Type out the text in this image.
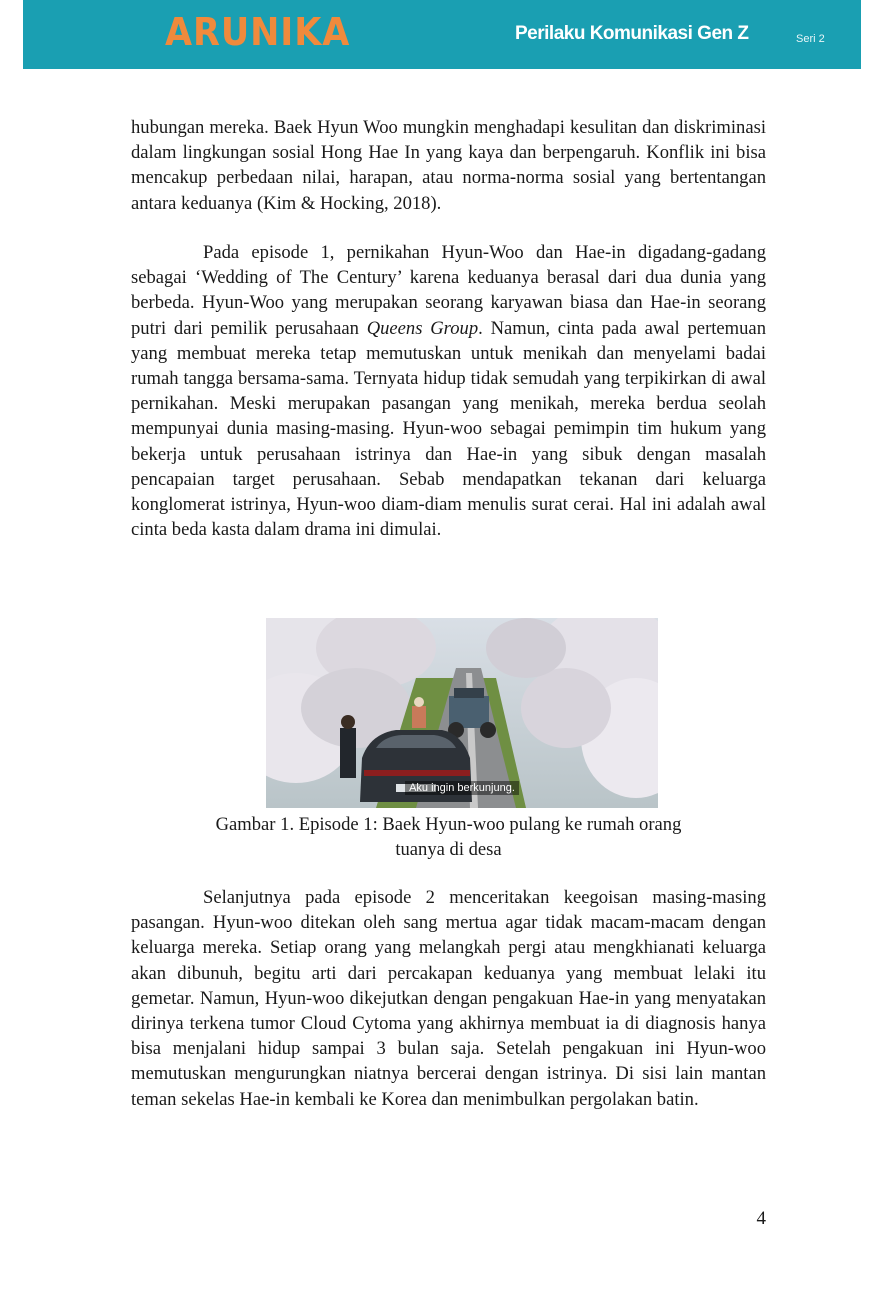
ARUNIKA	Perilaku Komunikasi Gen Z	Seri 2

hubungan mereka. Baek Hyun Woo mungkin menghadapi kesulitan dan diskriminasi dalam lingkungan sosial Hong Hae In yang kaya dan berpengaruh. Konflik ini bisa mencakup perbedaan nilai, harapan, atau norma-norma sosial yang bertentangan antara keduanya (Kim & Hocking, 2018).

Pada episode 1, pernikahan Hyun-Woo dan Hae-in digadang-gadang sebagai ‘Wedding of The Century’ karena keduanya berasal dari dua dunia yang berbeda. Hyun-Woo yang merupakan seorang karyawan biasa dan Hae-in seorang putri dari pemilik perusahaan Queens Group. Namun, cinta pada awal pertemuan yang membuat mereka tetap memutuskan untuk menikah dan menyelami badai rumah tangga bersama-sama. Ternyata hidup tidak semudah yang terpikirkan di awal pernikahan. Meski merupakan pasangan yang menikah, mereka berdua seolah mempunyai dunia masing-masing. Hyun-woo sebagai pemimpin tim hukum yang bekerja untuk perusahaan istrinya dan Hae-in yang sibuk dengan masalah pencapaian target perusahaan. Sebab mendapatkan tekanan dari keluarga konglomerat istrinya, Hyun-woo diam-diam menulis surat cerai. Hal ini adalah awal cinta beda kasta dalam drama ini dimulai.

Aku ingin berkunjung.

Gambar 1. Episode 1: Baek Hyun-woo pulang ke rumah orang
tuanya di desa

Selanjutnya pada episode 2 menceritakan keegoisan masing-masing pasangan. Hyun-woo ditekan oleh sang mertua agar tidak macam-macam dengan keluarga mereka. Setiap orang yang melangkah pergi atau mengkhianati keluarga akan dibunuh, begitu arti dari percakapan keduanya yang membuat lelaki itu gemetar. Namun, Hyun-woo dikejutkan dengan pengakuan Hae-in yang menyatakan dirinya terkena tumor Cloud Cytoma yang akhirnya membuat ia di diagnosis hanya bisa menjalani hidup sampai 3 bulan saja. Setelah pengakuan ini Hyun-woo memutuskan mengurungkan niatnya bercerai dengan istrinya. Di sisi lain mantan teman sekelas Hae-in kembali ke Korea dan menimbulkan pergolakan batin.

4
